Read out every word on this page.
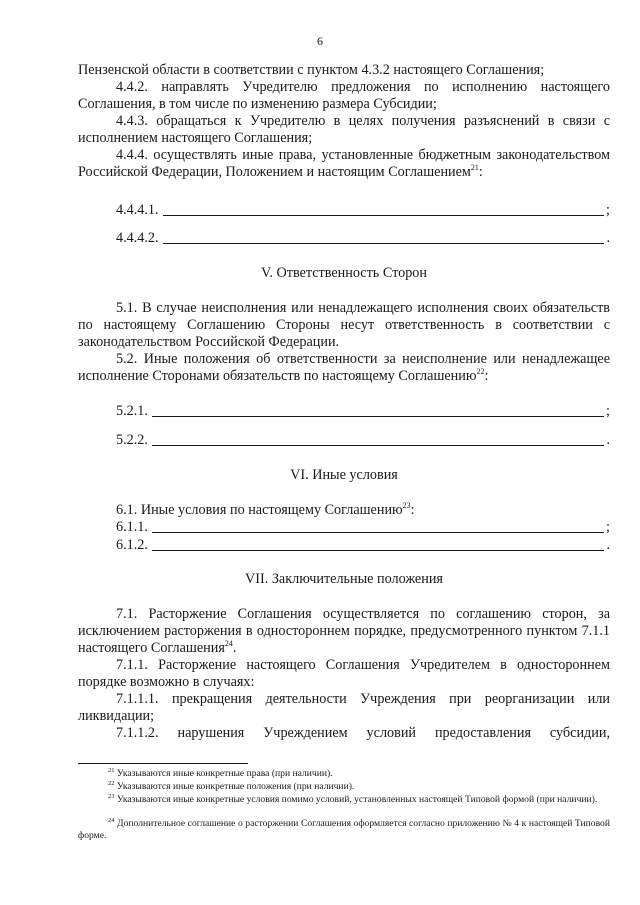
6

Пензенской области в соответствии с пунктом 4.3.2 настоящего Соглашения;

4.4.2. направлять Учредителю предложения по исполнению настоящего Соглашения, в том числе по изменению размера Субсидии;

4.4.3. обращаться к Учредителю в целях получения разъяснений в связи с исполнением настоящего Соглашения;

4.4.4. осуществлять иные права, установленные бюджетным законодательством Российской Федерации, Положением и настоящим Соглашением$^{21}$:

4.4.4.1.	;
4.4.4.2.	.

V. Ответственность Сторон

5.1. В случае неисполнения или ненадлежащего исполнения своих обязательств по настоящему Соглашению Стороны несут ответственность в соответствии с законодательством Российской Федерации.

5.2. Иные положения об ответственности за неисполнение или ненадлежащее исполнение Сторонами обязательств по настоящему Соглашению$^{22}$:

5.2.1.	;
5.2.2.	.

VI. Иные условия

6.1. Иные условия по настоящему Соглашению$^{23}$:

6.1.1.	;
6.1.2.	.

VII. Заключительные положения

7.1. Расторжение Соглашения осуществляется по соглашению сторон, за исключением расторжения в одностороннем порядке, предусмотренного пунктом 7.1.1 настоящего Соглашения$^{24}$.

7.1.1. Расторжение настоящего Соглашения Учредителем в одностороннем порядке возможно в случаях:

7.1.1.1. прекращения деятельности Учреждения при реорганизации или ликвидации;

7.1.1.2. нарушения Учреждением условий предоставления субсидии,

$^{21}$ Указываются иные конкретные права (при наличии).

$^{22}$ Указываются иные конкретные положения (при наличии).

$^{23}$ Указываются иные конкретные условия помимо условий, установленных настоящей Типовой формой (при наличии).

$^{24}$ Дополнительное соглашение о расторжении Соглашения оформляется согласно приложению № 4 к настоящей Типовой форме.
